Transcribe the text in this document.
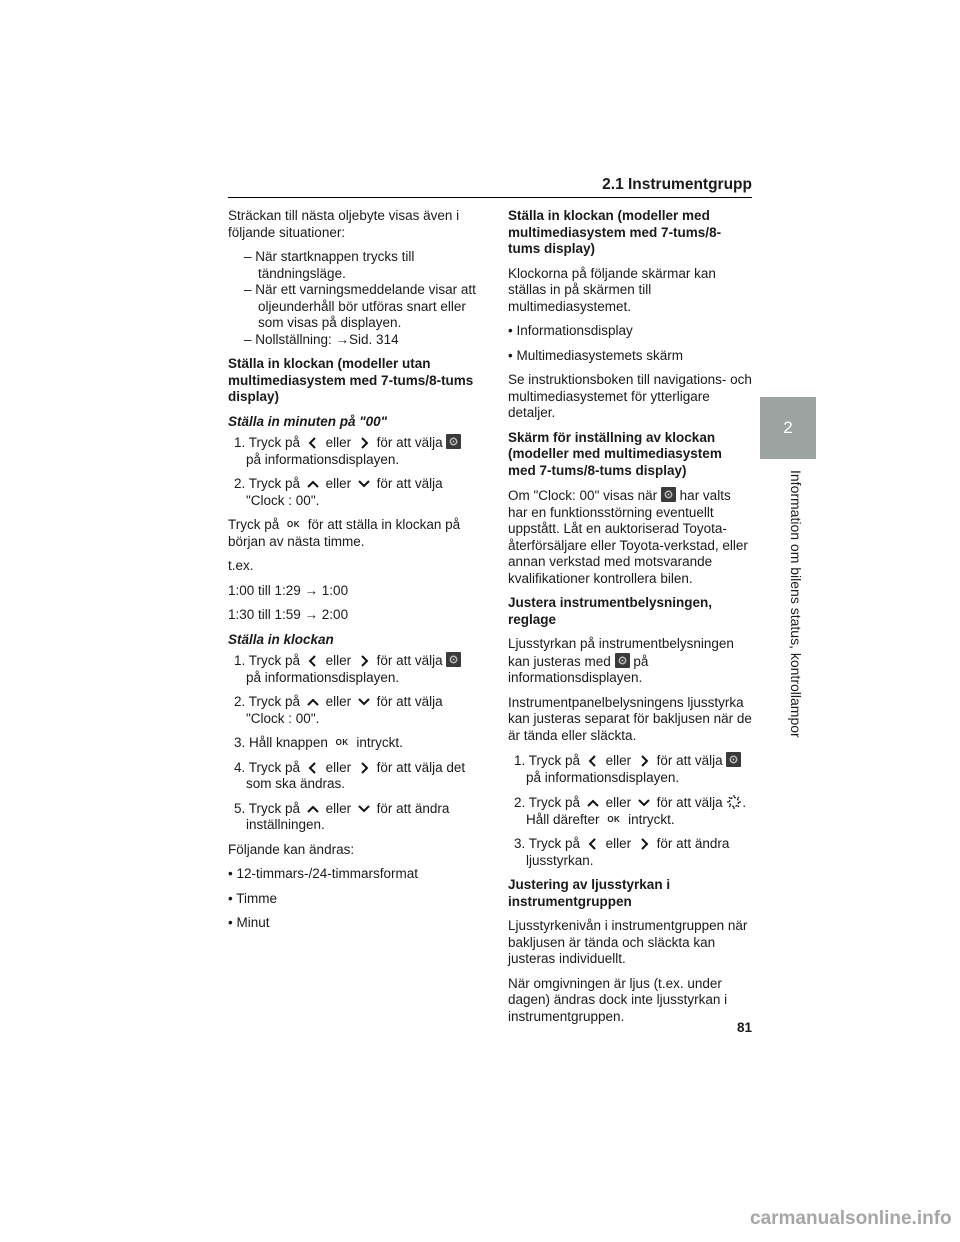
2.1 Instrumentgrupp

Sträckan till nästa oljebyte visas även i följande situationer:

– När startknappen trycks till tändningsläge.
– När ett varningsmeddelande visar att oljeunderhåll bör utföras snart eller som visas på displayen.
– Nollställning: →Sid. 314
Ställa in klockan (modeller utan multimediasystem med 7-tums/8-tums display)
Ställa in minuten på "00"
1. Tryck på eller för att välja
på informationsdisplayen.
2. Tryck på eller för att välja "Clock : 00".

Tryck på OK för att ställa in klockan på början av nästa timme.

t.ex.

1:00 till 1:29 → 1:00

1:30 till 1:59 → 2:00

Ställa in klockan
1. Tryck på eller för att välja
på informationsdisplayen.
2. Tryck på eller för att välja "Clock : 00".
3. Håll knappen OK intryckt.
4. Tryck på eller för att välja det som ska ändras.
5. Tryck på eller för att ändra inställningen.

Följande kan ändras:

• 12-timmars-/24-timmarsformat
• Timme
• Minut
Ställa in klockan (modeller med multimediasystem med 7-tums/8-tums display)

Klockorna på följande skärmar kan ställas in på skärmen till multimediasystemet.

• Informationsdisplay
• Multimediasystemets skärm

Se instruktionsboken till navigations- och multimediasystemet för ytterligare detaljer.

Skärm för inställning av klockan (modeller med multimediasystem med 7-tums/8-tums display)

Om "Clock: 00" visas när har valts har en funktionsstörning eventuellt uppstått. Låt en auktoriserad Toyota-återförsäljare eller Toyota-verkstad, eller annan verkstad med motsvarande kvalifikationer kontrollera bilen.

Justera instrumentbelysningen, reglage

Ljusstyrkan på instrumentbelysningen kan justeras med på informationsdisplayen.

Instrumentpanelbelysningens ljusstyrka kan justeras separat för bakljusen när de är tända eller släckta.

1. Tryck på eller för att välja
på informationsdisplayen.
2. Tryck på eller för att välja . Håll därefter OK intryckt.
3. Tryck på eller för att ändra ljusstyrkan.
Justering av ljusstyrkan i instrumentgruppen

Ljusstyrkenivån i instrumentgruppen när bakljusen är tända och släckta kan justeras individuellt.

När omgivningen är ljus (t.ex. under dagen) ändras dock inte ljusstyrkan i instrumentgruppen.

2
Information om bilens status, kontrollampor
81
carmanualsonline.info
